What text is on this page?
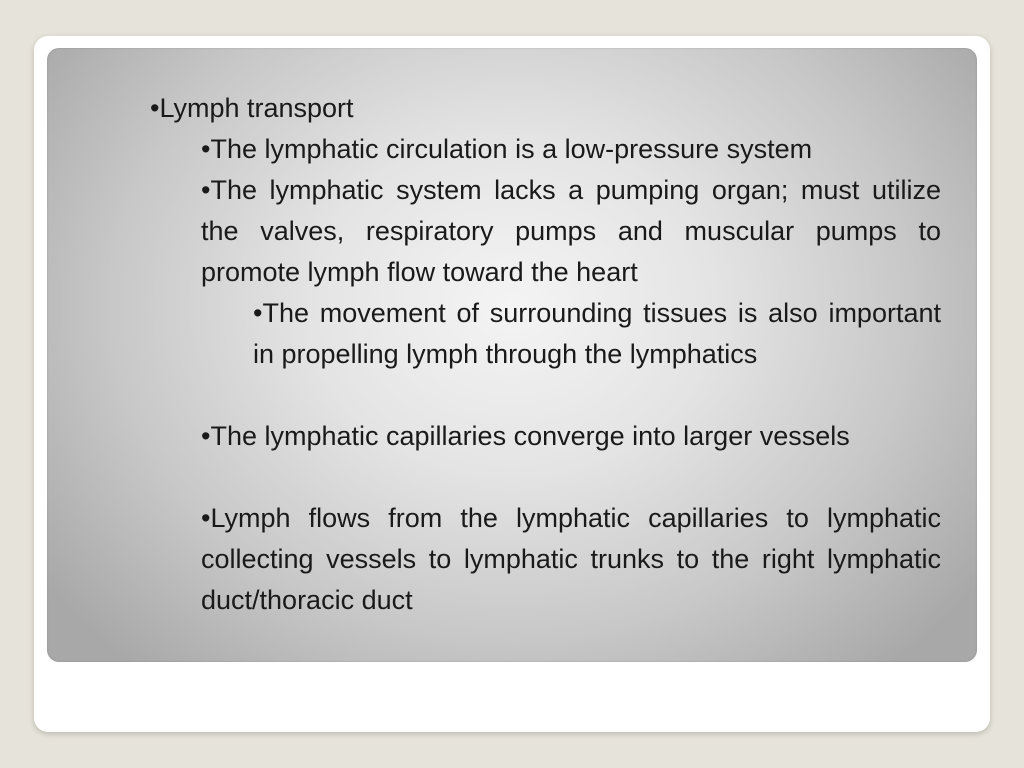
•Lymph transport

•The lymphatic circulation is a low-pressure system

•The lymphatic system lacks a pumping organ; must utilize the valves, respiratory pumps and muscular pumps to promote lymph flow toward the heart

•The movement of surrounding tissues is also important in propelling lymph through the lymphatics

•The lymphatic capillaries converge into larger vessels

•Lymph flows from the lymphatic capillaries to lymphatic collecting vessels to lymphatic trunks to the right lymphatic duct/thoracic duct
